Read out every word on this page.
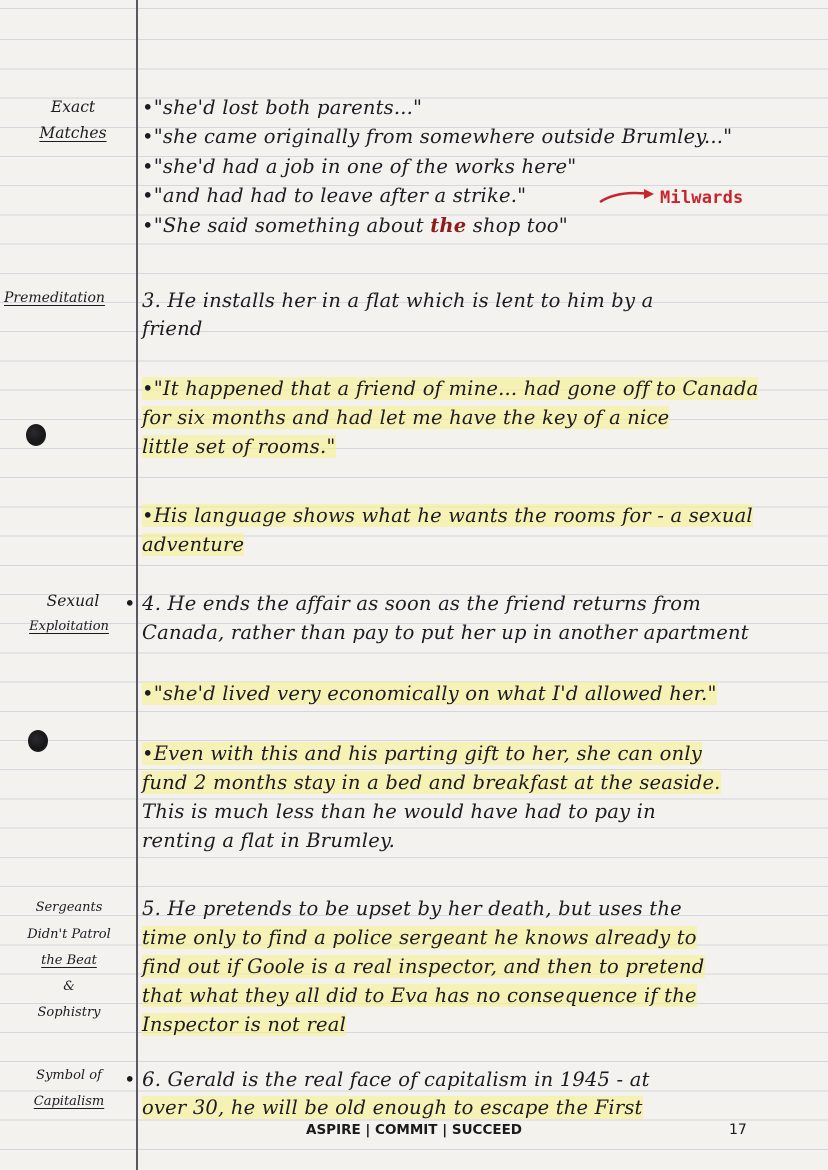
Exact
Matches
Premeditation
Sexual
Exploitation
Sergeants
Didn't Patrol
the Beat
&
Sophistry
Symbol of
Capitalism
•"she'd lost both parents..."
•"she came originally from somewhere outside Brumley..."
•"she'd had a job in one of the works here"
•"and had had to leave after a strike."	Milwards
•"She said something about the shop too"
3. He installs her in a flat which is lent to him by a
friend
•"It happened that a friend of mine... had gone off to Canada
for six months and had let me have the key of a nice
little set of rooms."
•His language shows what he wants the rooms for - a sexual
adventure
• 4. He ends the affair as soon as the friend returns from
Canada, rather than pay to put her up in another apartment
•"she'd lived very economically on what I'd allowed her."
•Even with this and his parting gift to her, she can only
fund 2 months stay in a bed and breakfast at the seaside.
This is much less than he would have had to pay in
renting a flat in Brumley.
5. He pretends to be upset by her death, but uses the
time only to find a police sergeant he knows already to
find out if Goole is a real inspector, and then to pretend
that what they all did to Eva has no consequence if the
Inspector is not real
• 6. Gerald is the real face of capitalism in 1945 - at
over 30, he will be old enough to escape the First
ASPIRE | COMMIT | SUCCEED	17
